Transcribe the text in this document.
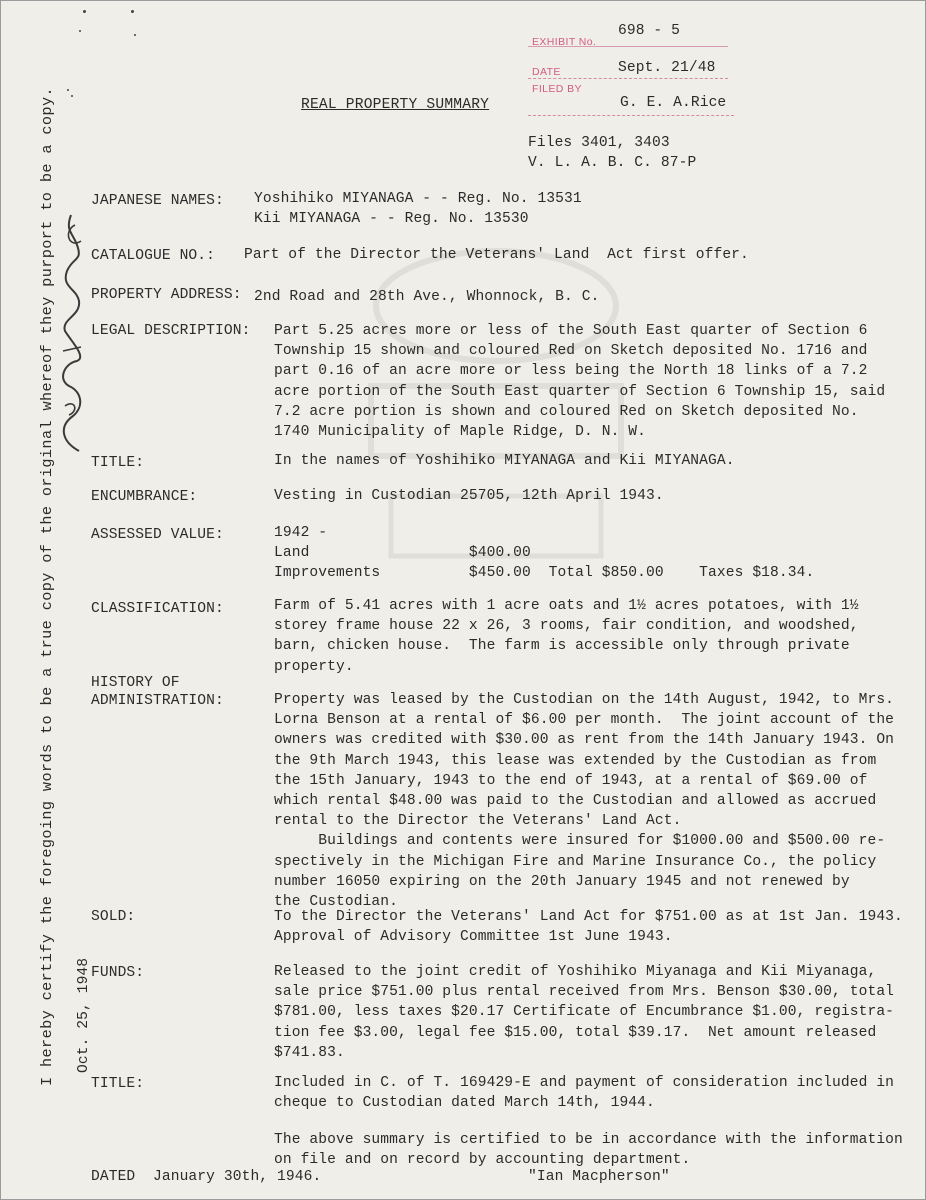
EXHIBIT No.
698 - 5
DATE	Sept. 21/48
FILED BY
G. E. A.Rice
REAL PROPERTY SUMMARY
Files 3401, 3403
V. L. A. B. C. 87-P
I hereby certify the foregoing words to be a true copy of the original whereof they purport to be a copy. Oct. 25, 1948
JAPANESE NAMES: Yoshihiko MIYANAGA - - Reg. No. 13531
Kii MIYANAGA - - Reg. No. 13530
CATALOGUE NO.: Part of the Director the Veterans' Land  Act first offer.
PROPERTY ADDRESS: 2nd Road and 28th Ave., Whonnock, B. C.
LEGAL DESCRIPTION: Part 5.25 acres more or less of the South East quarter of Section 6
Township 15 shown and coloured Red on Sketch deposited No. 1716 and
part 0.16 of an acre more or less being the North 18 links of a 7.2
acre portion of the South East quarter of Section 6 Township 15, said
7.2 acre portion is shown and coloured Red on Sketch deposited No.
1740 Municipality of Maple Ridge, D. N. W.
TITLE:	In the names of Yoshihiko MIYANAGA and Kii MIYANAGA.
ENCUMBRANCE:	Vesting in Custodian 25705, 12th April 1943.
ASSESSED VALUE:	1942 -
Land                  $400.00
Improvements          $450.00  Total $850.00    Taxes $18.34.
CLASSIFICATION:	Farm of 5.41 acres with 1 acre oats and 1½ acres potatoes, with 1½
storey frame house 22 x 26, 3 rooms, fair condition, and woodshed,
barn, chicken house.  The farm is accessible only through private
property.
HISTORY OF
ADMINISTRATION:	Property was leased by the Custodian on the 14th August, 1942, to Mrs.
Lorna Benson at a rental of $6.00 per month.  The joint account of the
owners was credited with $30.00 as rent from the 14th January 1943. On
the 9th March 1943, this lease was extended by the Custodian as from
the 15th January, 1943 to the end of 1943, at a rental of $69.00 of
which rental $48.00 was paid to the Custodian and allowed as accrued
rental to the Director the Veterans' Land Act.
Buildings and contents were insured for $1000.00 and $500.00 re-
spectively in the Michigan Fire and Marine Insurance Co., the policy
number 16050 expiring on the 20th January 1945 and not renewed by
the Custodian.
SOLD:	To the Director the Veterans' Land Act for $751.00 as at 1st Jan. 1943.
Approval of Advisory Committee 1st June 1943.
FUNDS:	Released to the joint credit of Yoshihiko Miyanaga and Kii Miyanaga,
sale price $751.00 plus rental received from Mrs. Benson $30.00, total
$781.00, less taxes $20.17 Certificate of Encumbrance $1.00, registra-
tion fee $3.00, legal fee $15.00, total $39.17.  Net amount released
$741.83.
TITLE:	Included in C. of T. 169429-E and payment of consideration included in
cheque to Custodian dated March 14th, 1944.
The above summary is certified to be in accordance with the information
on file and on record by accounting department.
DATED  January 30th, 1946.	"Ian Macpherson"
